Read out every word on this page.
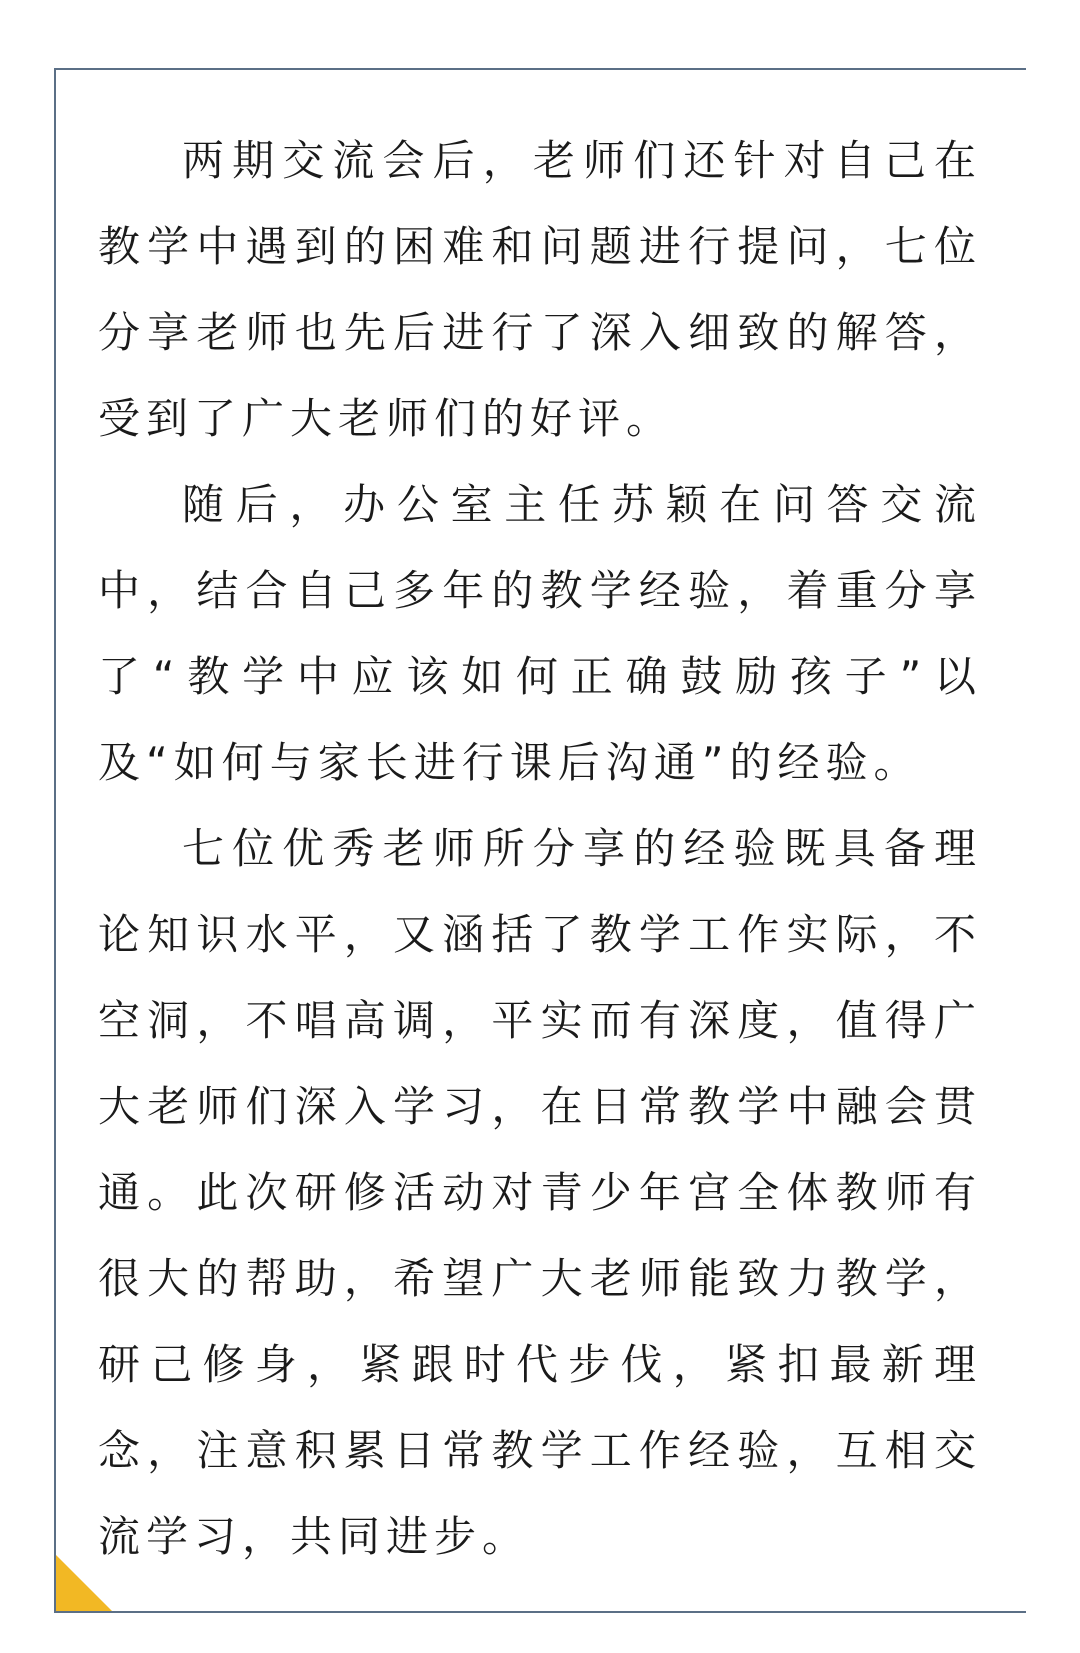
两期交流会后，老师们还针对自己在教学中遇到的困难和问题进行提问，七位分享老师也先后进行了深入细致的解答，受到了广大老师们的好评。

随后，办公室主任苏颖在问答交流中，结合自己多年的教学经验，着重分享了“教学中应该如何正确鼓励孩子”以及“如何与家长进行课后沟通”的经验。

七位优秀老师所分享的经验既具备理论知识水平，又涵括了教学工作实际，不空洞，不唱高调，平实而有深度，值得广大老师们深入学习，在日常教学中融会贯通。此次研修活动对青少年宫全体教师有很大的帮助，希望广大老师能致力教学，研己修身，紧跟时代步伐，紧扣最新理念，注意积累日常教学工作经验，互相交流学习，共同进步。
